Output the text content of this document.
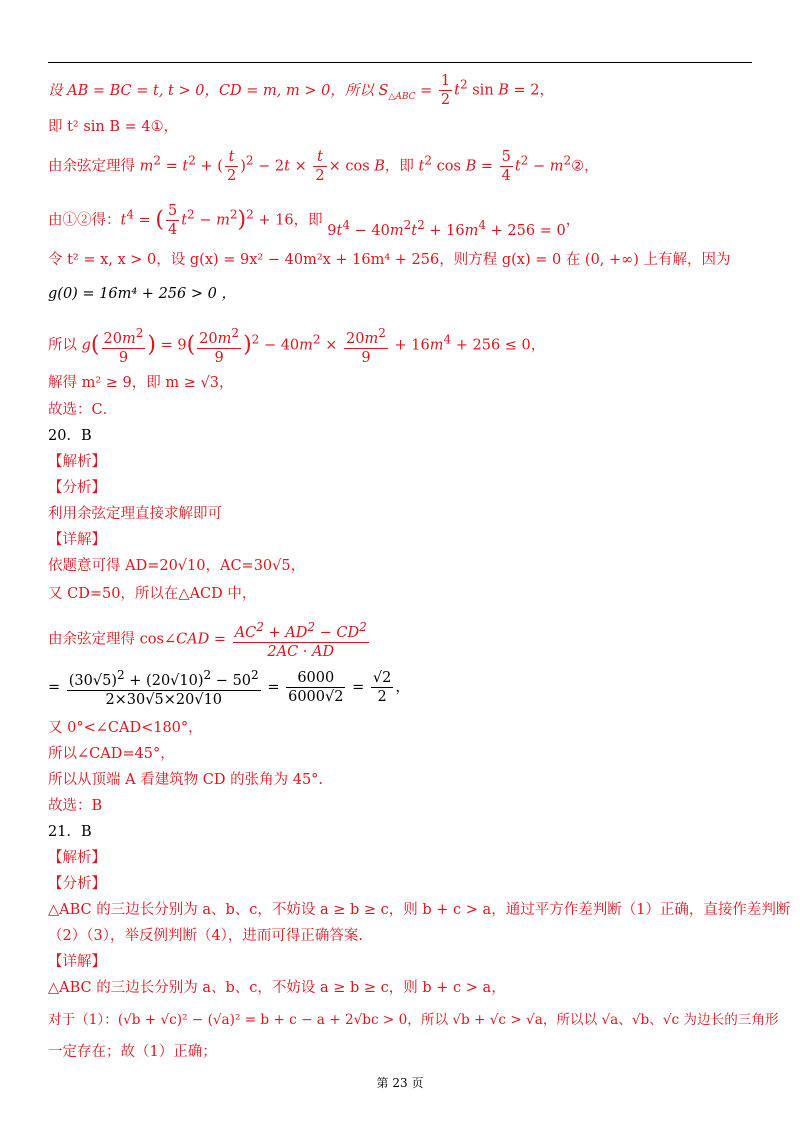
设 AB = BC = t, t > 0，CD = m, m > 0，所以 $S_{\triangle ABC} = \frac{1}{2} t^2$ sin B = 2，
即 t² sin B = 4①，
由余弦定理得 $m^2 = t^2$ + ( $\frac{t}{2} )^2 - 2t \times \frac{t}{2} \times \cos B$，即 $t^2$ $\cos B = \frac{5}{4} t^2$ − $m^2②$，
由①②得：$t^4$ = ( $\frac{5}{4} t^2 - m^2)^2 + 16$，即 $9t^4 - 40m^2t^2 + 16m^4 + 256 = 0$，
令 t² = x, x > 0，设 g(x) = 9x² − 40m²x + 16m⁴ + 256，则方程 g(x) = 0 在 (0, +∞) 上有解，因为
g(0) = 16m⁴ + 256 > 0 ，
所以 $g( \frac{20m^2}{9}$ ) = $9( \frac{20m^2}{9} )^2 - 40m^2 \times \frac{20m^2}{9} + 16m^4 + 256 \le 0$，
解得 m² ≥ 9，即 m ≥ √3，
故选：C．
20．B
【解析】
【分析】
利用余弦定理直接求解即可
【详解】
依题意可得 AD=20√10，AC=30√5，
又 CD=50，所以在△ACD 中，
由余弦定理得 cos∠CAD = $\frac{AC^2 + AD^2 - CD^2}{2AC \cdot AD}$
= $\frac{(30√5)^2 + (20√10)^2 - 50^2}{2\times 30√5\times 20√10} = \frac{6000}{6000√2} = \frac{√2}{2}$ ，
又 0°<∠CAD<180°，
所以∠CAD=45°，
所以从顶端 A 看建筑物 CD 的张角为 45°.
故选：B
21．B
【解析】
【分析】
△ABC 的三边长分别为 a、b、c，不妨设 a ≥ b ≥ c，则 b + c > a，通过平方作差判断（1）正确，直接作差判断
（2）（3），举反例判断（4），进而可得正确答案.
【详解】
△ABC 的三边长分别为 a、b、c，不妨设 a ≥ b ≥ c，则 b + c > a，
对于（1）：(√b + √c)² − (√a)² = b + c − a + 2√bc > 0，所以 √b + √c > √a，所以以 √a、√b、√c 为边长的三角形
一定存在；故（1）正确；
第 23 页
